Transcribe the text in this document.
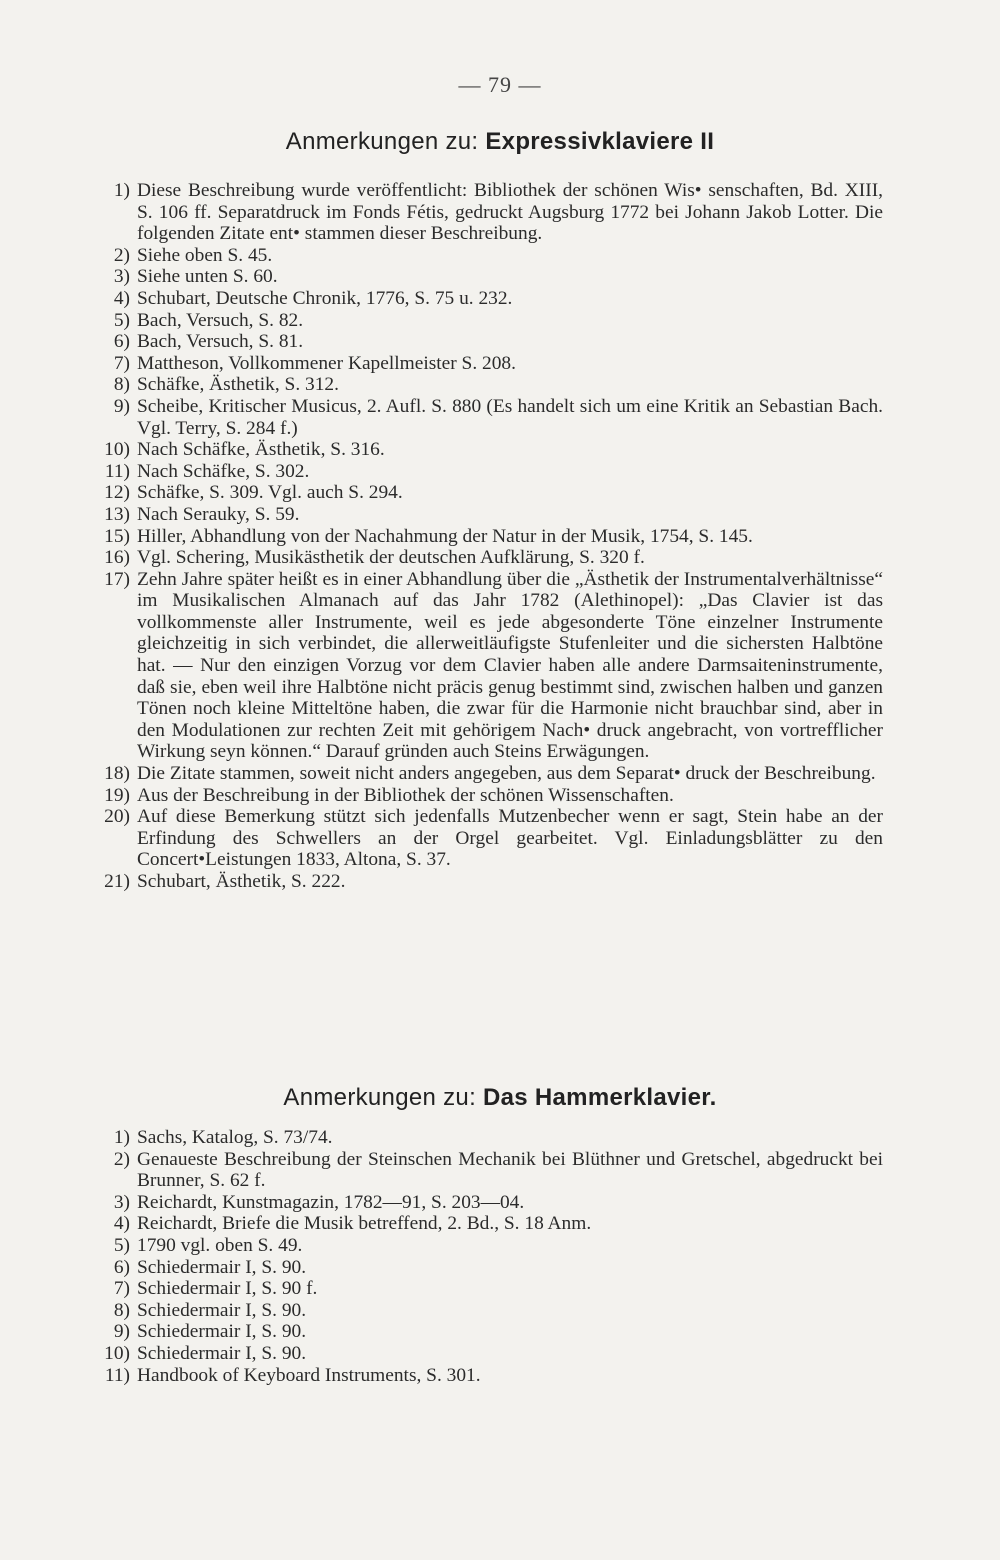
— 79 —
Anmerkungen zu: Expressivklaviere II
1) Diese Beschreibung wurde veröffentlicht: Bibliothek der schönen Wis• senschaften, Bd. XIII, S. 106 ff. Separatdruck im Fonds Fétis, gedruckt Augsburg 1772 bei Johann Jakob Lotter. Die folgenden Zitate ent• stammen dieser Beschreibung.
2) Siehe oben S. 45.
3) Siehe unten S. 60.
4) Schubart, Deutsche Chronik, 1776, S. 75 u. 232.
5) Bach, Versuch, S. 82.
6) Bach, Versuch, S. 81.
7) Mattheson, Vollkommener Kapellmeister S. 208.
8) Schäfke, Ästhetik, S. 312.
9) Scheibe, Kritischer Musicus, 2. Aufl. S. 880 (Es handelt sich um eine Kritik an Sebastian Bach. Vgl. Terry, S. 284 f.)
10) Nach Schäfke, Ästhetik, S. 316.
11) Nach Schäfke, S. 302.
12) Schäfke, S. 309. Vgl. auch S. 294.
13) Nach Serauky, S. 59.
15) Hiller, Abhandlung von der Nachahmung der Natur in der Musik, 1754, S. 145.
16) Vgl. Schering, Musikästhetik der deutschen Aufklärung, S. 320 f.
17) Zehn Jahre später heißt es in einer Abhandlung über die „Ästhetik der Instrumentalverhältnisse“ im Musikalischen Almanach auf das Jahr 1782 (Alethinopel): „Das Clavier ist das vollkommenste aller Instrumente, weil es jede abgesonderte Töne einzelner Instrumente gleichzeitig in sich verbindet, die allerweitläufigste Stufenleiter und die sichersten Halbtöne hat. — Nur den einzigen Vorzug vor dem Clavier haben alle andere Darmsaiteninstrumente, daß sie, eben weil ihre Halbtöne nicht präcis genug bestimmt sind, zwischen halben und ganzen Tönen noch kleine Mitteltöne haben, die zwar für die Harmonie nicht brauchbar sind, aber in den Modulationen zur rechten Zeit mit gehörigem Nach• druck angebracht, von vortrefflicher Wirkung seyn können.“ Darauf gründen auch Steins Erwägungen.
18) Die Zitate stammen, soweit nicht anders angegeben, aus dem Separat• druck der Beschreibung.
19) Aus der Beschreibung in der Bibliothek der schönen Wissenschaften.
20) Auf diese Bemerkung stützt sich jedenfalls Mutzenbecher wenn er sagt, Stein habe an der Erfindung des Schwellers an der Orgel gearbeitet. Vgl. Einladungsblätter zu den Concert•Leistungen 1833, Altona, S. 37.
21) Schubart, Ästhetik, S. 222.
Anmerkungen zu: Das Hammerklavier.
1) Sachs, Katalog, S. 73/74.
2) Genaueste Beschreibung der Steinschen Mechanik bei Blüthner und Gretschel, abgedruckt bei Brunner, S. 62 f.
3) Reichardt, Kunstmagazin, 1782—91, S. 203—04.
4) Reichardt, Briefe die Musik betreffend, 2. Bd., S. 18 Anm.
5) 1790 vgl. oben S. 49.
6) Schiedermair I, S. 90.
7) Schiedermair I, S. 90 f.
8) Schiedermair I, S. 90.
9) Schiedermair I, S. 90.
10) Schiedermair I, S. 90.
11) Handbook of Keyboard Instruments, S. 301.
